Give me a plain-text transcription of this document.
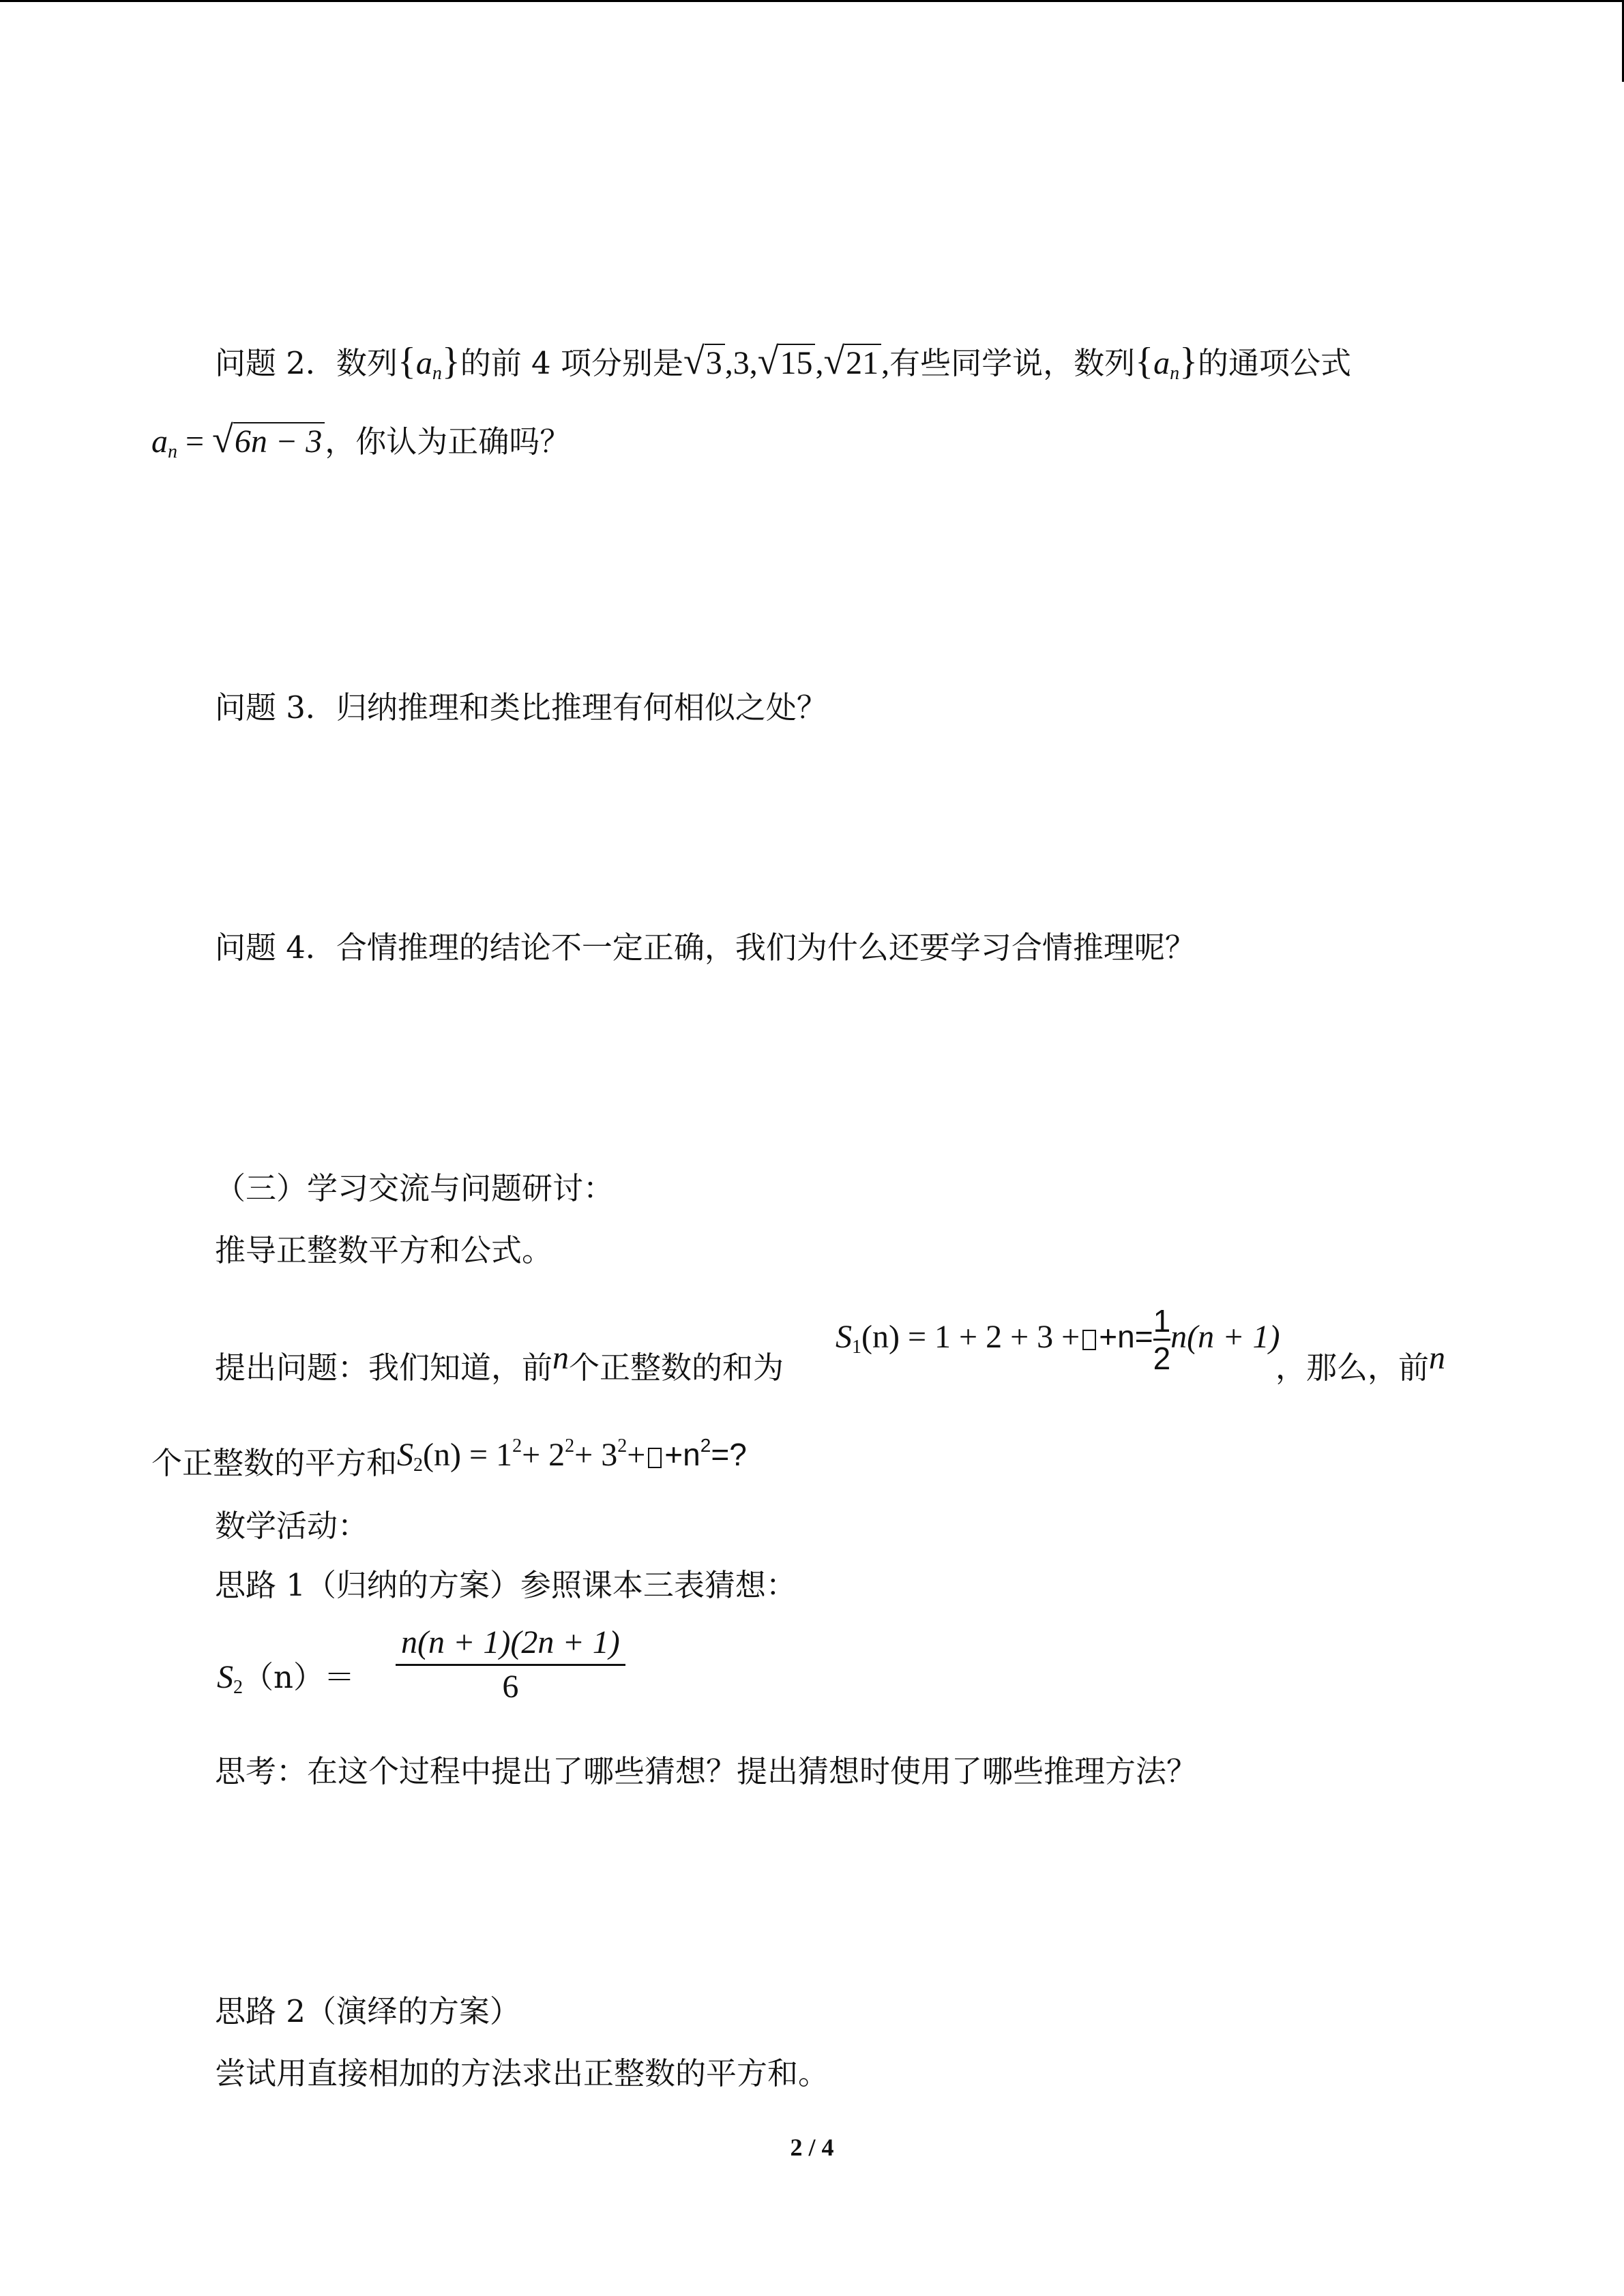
问题 2．数列$\{a_n\}$的前 4 项分别是√3,3,√15,√21,有些同学说，数列$\{a_n\}$的通项公式
$a_n = √6n - 3$，你认为正确吗？
问题 3．归纳推理和类比推理有何相似之处？
问题 4．合情推理的结论不一定正确，我们为什么还要学习合情推理呢？
（三）学习交流与问题研讨：
推导正整数平方和公式。
提出问题：我们知道，前n个正整数的和为
$S_1(n) = 1 + 2 + 3 + +n= \frac{1}{2} n(n + 1)$
，那么，前n
个正整数的平方和$S_2(n) = 1^2+ 2^2+ 3^2+ +n^2=$?
数学活动：
思路 1（归纳的方案）参照课本三表猜想：
$S_2(n)= \frac{n(n + 1)(2n + 1)}{6}$
思考：在这个过程中提出了哪些猜想？提出猜想时使用了哪些推理方法？
思路 2（演绎的方案）
尝试用直接相加的方法求出正整数的平方和。
2 / 4
